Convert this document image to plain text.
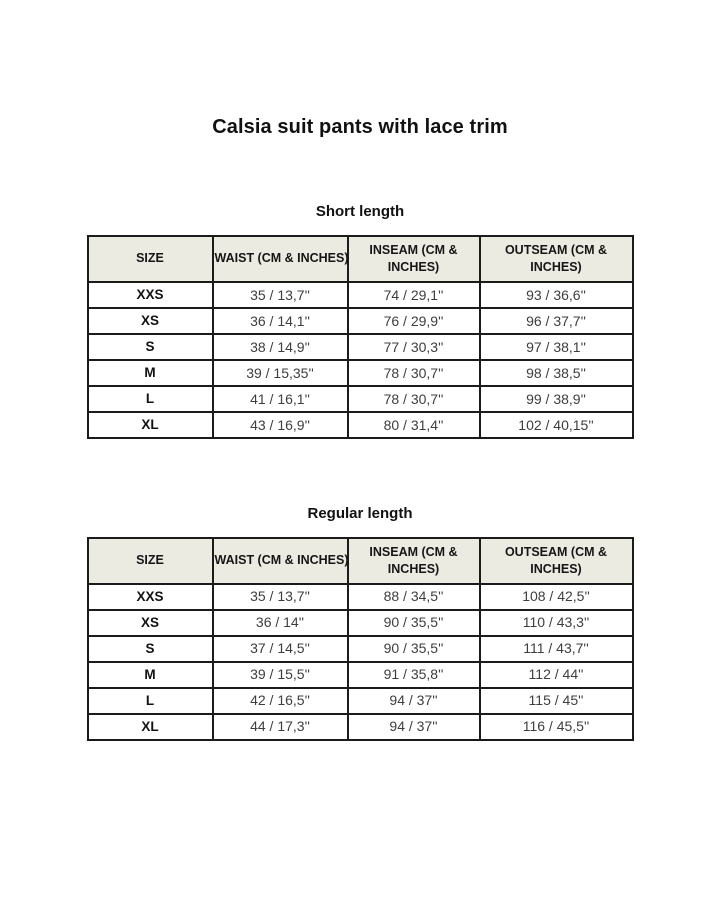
Calsia suit pants with lace trim
Short length
SIZE	WAIST (CM & INCHES)	INSEAM (CM & INCHES)	OUTSEAM (CM & INCHES)
XXS	35 / 13,7''	74 / 29,1''	93 / 36,6''
XS	36 / 14,1''	76 / 29,9''	96 / 37,7''
S	38 / 14,9''	77 / 30,3''	97 / 38,1''
M	39 / 15,35''	78 / 30,7''	98 / 38,5''
L	41 / 16,1''	78 / 30,7''	99 / 38,9''
XL	43 / 16,9''	80 / 31,4''	102 / 40,15''
Regular length
SIZE	WAIST (CM & INCHES)	INSEAM (CM & INCHES)	OUTSEAM (CM & INCHES)
XXS	35 / 13,7''	88 / 34,5''	108 / 42,5''
XS	36 / 14''	90 / 35,5''	110 / 43,3''
S	37 / 14,5''	90 / 35,5''	111 / 43,7''
M	39 / 15,5''	91 / 35,8''	112 / 44''
L	42 / 16,5''	94 / 37''	115 / 45''
XL	44 / 17,3''	94 / 37''	116 / 45,5''
